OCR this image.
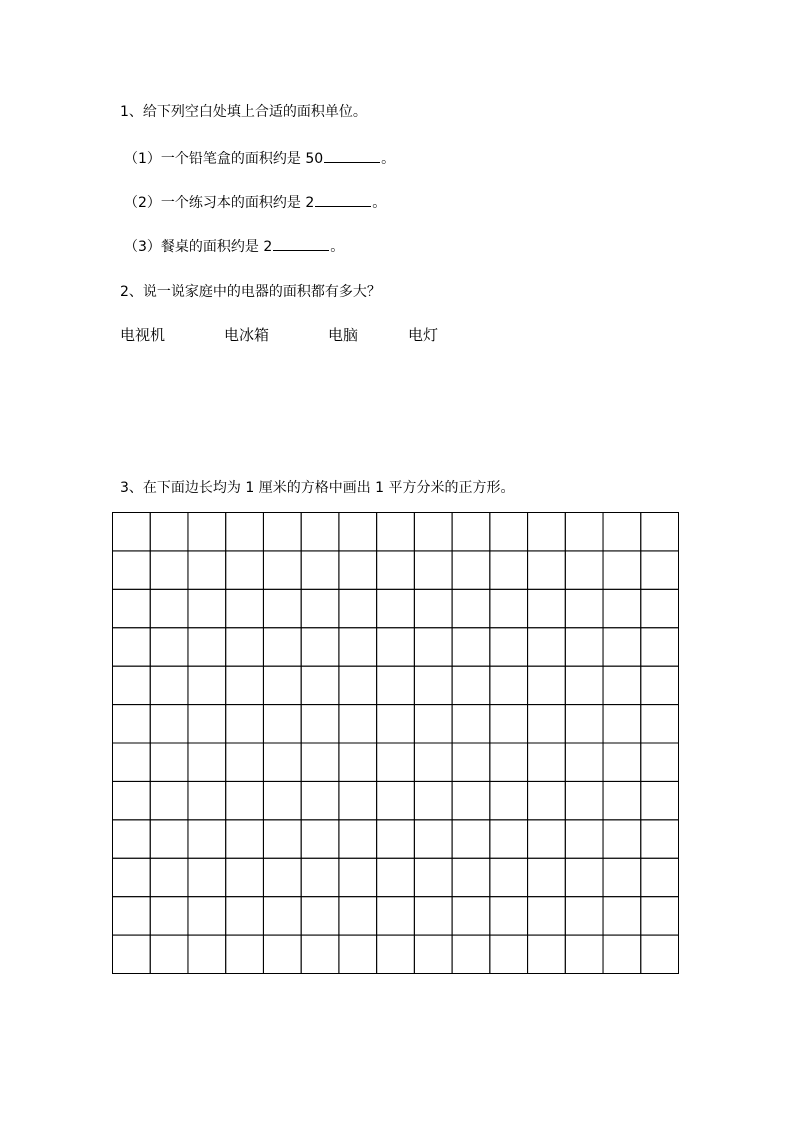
1、给下列空白处填上合适的面积单位。
（1）一个铅笔盒的面积约是 50	。
（2）一个练习本的面积约是 2	。
（3）餐桌的面积约是 2	。
2、说一说家庭中的电器的面积都有多大？
电视机	电冰箱	电脑	电灯
3、在下面边长均为 1 厘米的方格中画出 1 平方分米的正方形。
